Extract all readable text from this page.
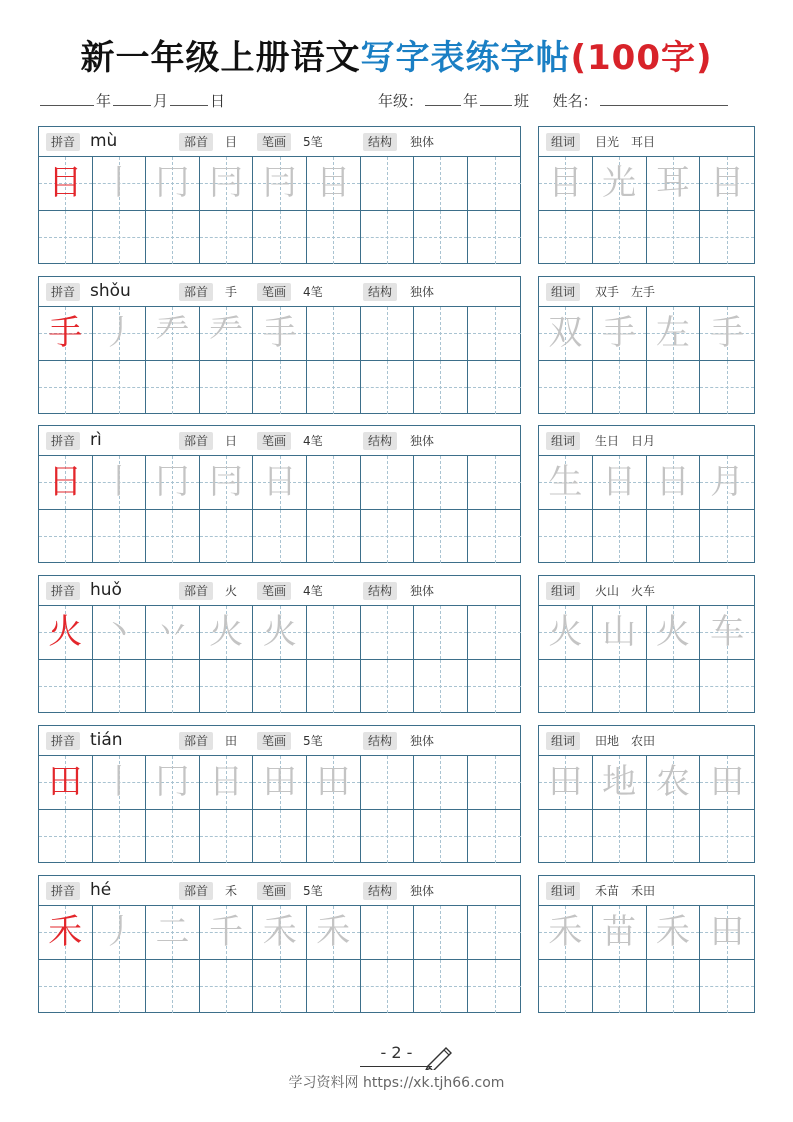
新一年级上册语文写字表练字帖(100字)
年	月	日	年级：	年 班 姓名：
拼音 mù	部首	目	笔画	5笔	结构	独体
目 丨 冂 冃 冃 目
组词	目光　耳目
目 光 耳 目
拼音 shǒu	部首	手	笔画	4笔	结构	独体
手 丿 龵 龵 手
组词	双手　左手
双 手 左 手
拼音 rì	部首	日	笔画	4笔	结构	独体
日 丨 冂 冃 日
组词	生日　日月
生 日 日 月
拼音 huǒ	部首	火	笔画	4笔	结构	独体
火 丶 丷 火 火
组词	火山　火车
火 山 火 车
拼音 tián	部首	田	笔画	5笔	结构	独体
田 丨 冂 日 田 田
组词	田地　农田
田 地 农 田
拼音 hé	部首	禾	笔画	5笔	结构	独体
禾 丿 二 千 禾 禾
组词	禾苗　禾田
禾 苗 禾 田
- 2 -
学习资料网 https://xk.tjh66.com
